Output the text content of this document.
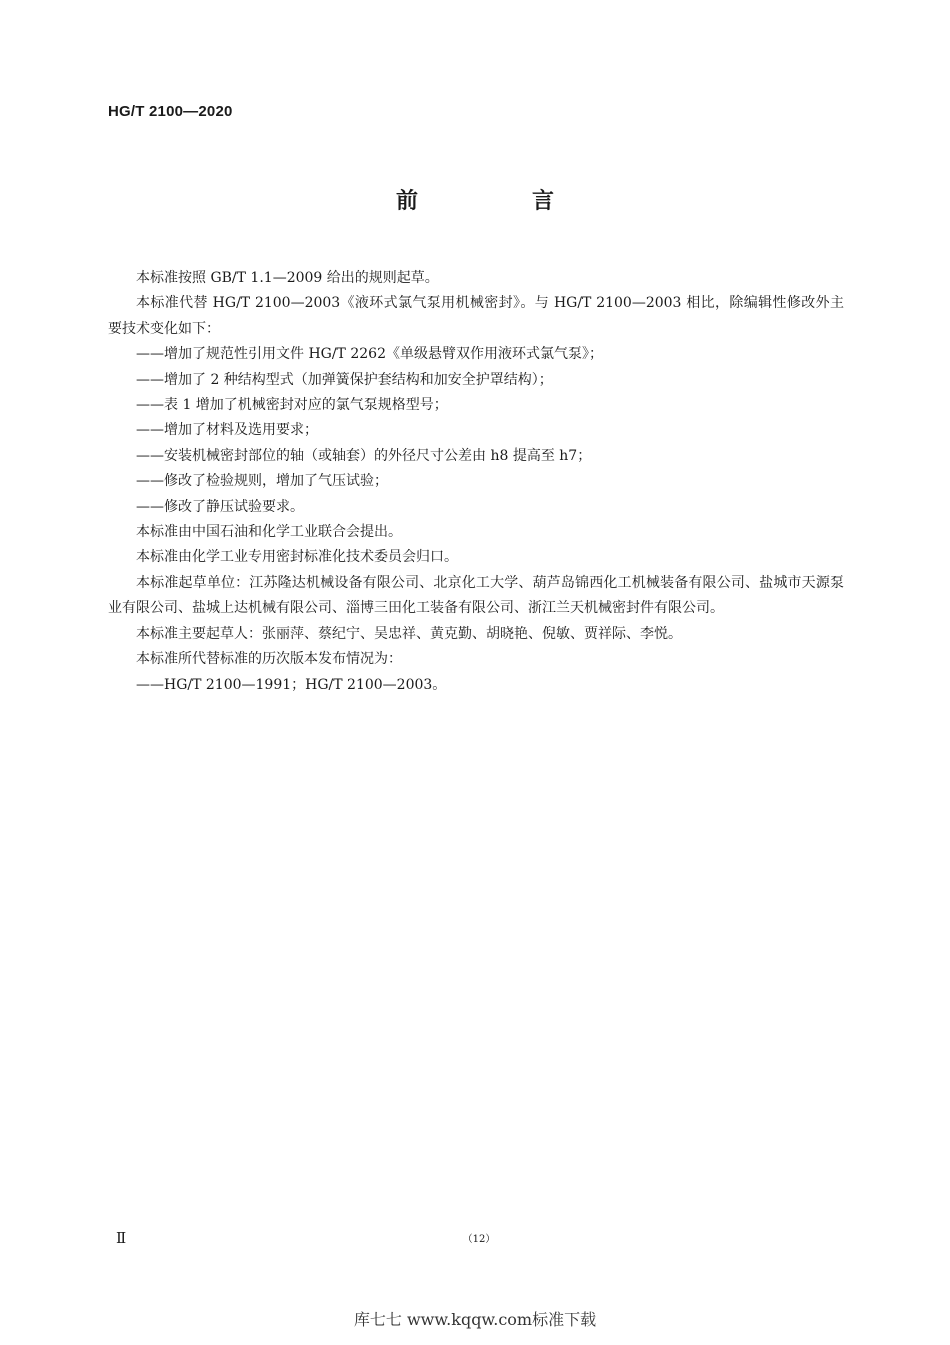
HG/T 2100—2020
前　言

本标准按照 GB/T 1.1—2009 给出的规则起草。

本标准代替 HG/T 2100—2003《液环式氯气泵用机械密封》。与 HG/T 2100—2003 相比，除编辑性修改外主要技术变化如下：

——增加了规范性引用文件 HG/T 2262《单级悬臂双作用液环式氯气泵》；

——增加了 2 种结构型式（加弹簧保护套结构和加安全护罩结构）；

——表 1 增加了机械密封对应的氯气泵规格型号；

——增加了材料及选用要求；

——安装机械密封部位的轴（或轴套）的外径尺寸公差由 h8 提高至 h7；

——修改了检验规则，增加了气压试验；

——修改了静压试验要求。

本标准由中国石油和化学工业联合会提出。

本标准由化学工业专用密封标准化技术委员会归口。

本标准起草单位：江苏隆达机械设备有限公司、北京化工大学、葫芦岛锦西化工机械装备有限公司、盐城市天源泵业有限公司、盐城上达机械有限公司、淄博三田化工装备有限公司、浙江兰天机械密封件有限公司。

本标准主要起草人：张丽萍、蔡纪宁、吴忠祥、黄克勤、胡晓艳、倪敏、贾祥际、李悦。

本标准所代替标准的历次版本发布情况为：

——HG/T 2100—1991；HG/T 2100—2003。

Ⅱ	（12）
库七七 www.kqqw.com标准下载
